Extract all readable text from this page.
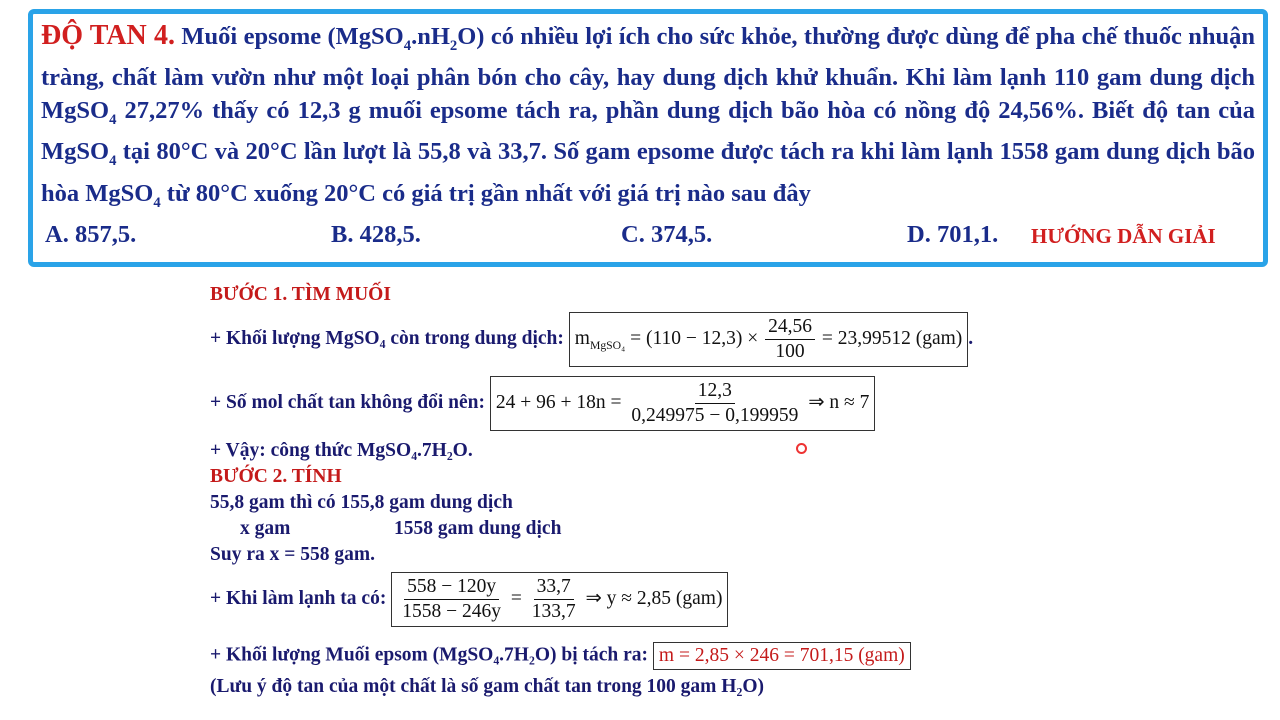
ĐỘ TAN 4. Muối epsome $(MgSO_4.nH_2O)$ có nhiều lợi ích cho sức khỏe, thường được dùng để pha chế thuốc nhuận tràng, chất làm vườn như một loại phân bón cho cây, hay dung dịch khử khuẩn. Khi làm lạnh 110 gam dung dịch MgSO$_4$ 27,27% thấy có 12,3 g muối epsome tách ra, phần dung dịch bão hòa có nồng độ 24,56%. Biết độ tan của MgSO$_4$ tại 80°C và 20°C lần lượt là 55,8 và 33,7. Số gam epsome được tách ra khi làm lạnh 1558 gam dung dịch bão hòa MgSO$_4$ từ 80°C xuống 20°C có giá trị gần nhất với giá trị nào sau đây
A. 857,5.	B. 428,5.	C. 374,5.	D. 701,1. HƯỚNG DẪN GIẢI
BƯỚC 1. TÌM MUỐI
+ Khối lượng MgSO₄ còn trong dung dịch: $m_{MgSO_4} = (110 - 12,3) \times \frac{24,56}{100} = 23,99512$ (gam) .
+ Số mol chất tan không đổi nên: $24 + 96 + 18n = \frac{12,3}{0,249975 - 0,199959}$ ⇒ n ≈ 7
+ Vậy: công thức MgSO₄.7H₂O.
BƯỚC 2. TÍNH
55,8 gam thì có 155,8 gam dung dịch
x gam	1558 gam dung dịch
Suy ra x = 558 gam.
+ Khi làm lạnh ta có: $\frac{558 - 120y}{1558 - 246y} = \frac{33,7}{133,7}$ ⇒ y ≈ 2,85 (gam)
+ Khối lượng Muối epsom (MgSO₄.7H₂O) bị tách ra: m = 2,85 × 246 = 701,15 (gam)
(Lưu ý độ tan của một chất là số gam chất tan trong 100 gam H₂O)
